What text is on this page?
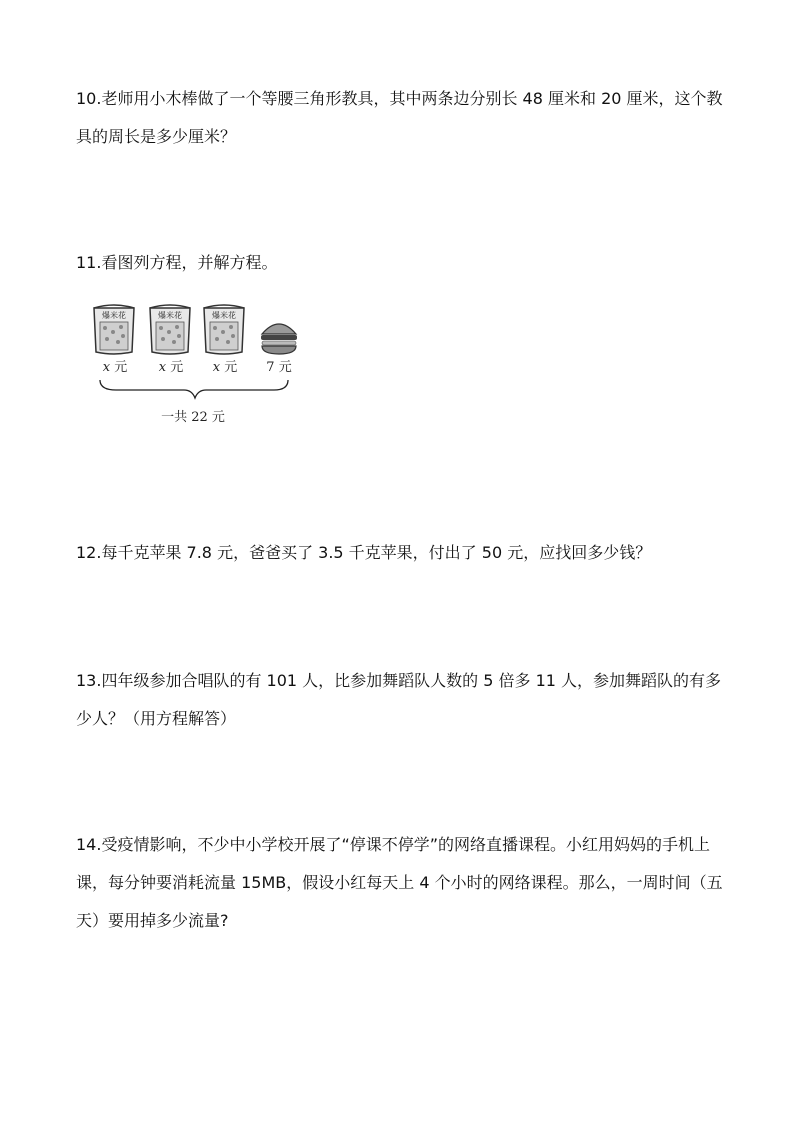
10.老师用小木棒做了一个等腰三角形教具，其中两条边分别长 48 厘米和 20 厘米，这个教具的周长是多少厘米？

11.看图列方程，并解方程。

爆米花	爆米花	爆米花
x 元	x 元	x 元	7 元
一共 22 元

12.每千克苹果 7.8 元，爸爸买了 3.5 千克苹果，付出了 50 元，应找回多少钱？

13.四年级参加合唱队的有 101 人，比参加舞蹈队人数的 5 倍多 11 人，参加舞蹈队的有多少人？（用方程解答）

14.受疫情影响，不少中小学校开展了“停课不停学”的网络直播课程。小红用妈妈的手机上课，每分钟要消耗流量 15MB，假设小红每天上 4 个小时的网络课程。那么，一周时间（五天）要用掉多少流量?
